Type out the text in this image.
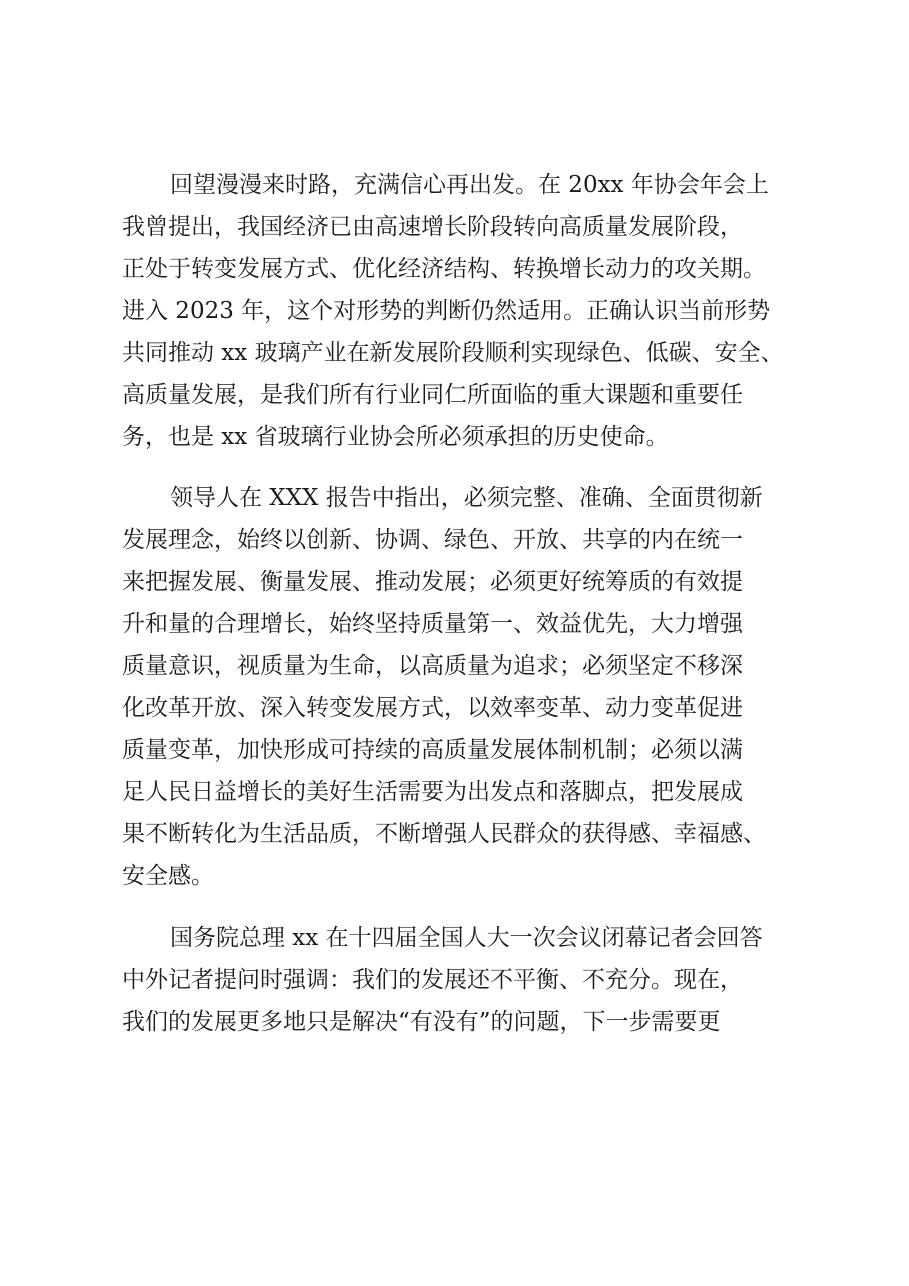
回望漫漫来时路，充满信心再出发。在 20xx 年协会年会上
我曾提出，我国经济已由高速增长阶段转向高质量发展阶段，
正处于转变发展方式、优化经济结构、转换增长动力的攻关期。
进入 2023 年，这个对形势的判断仍然适用。正确认识当前形势
共同推动 xx 玻璃产业在新发展阶段顺利实现绿色、低碳、安全、
高质量发展，是我们所有行业同仁所面临的重大课题和重要任
务，也是 xx 省玻璃行业协会所必须承担的历史使命。
领导人在 XXX 报告中指出，必须完整、准确、全面贯彻新
发展理念，始终以创新、协调、绿色、开放、共享的内在统一
来把握发展、衡量发展、推动发展；必须更好统筹质的有效提
升和量的合理增长，始终坚持质量第一、效益优先，大力增强
质量意识，视质量为生命，以高质量为追求；必须坚定不移深
化改革开放、深入转变发展方式，以效率变革、动力变革促进
质量变革，加快形成可持续的高质量发展体制机制；必须以满
足人民日益增长的美好生活需要为出发点和落脚点，把发展成
果不断转化为生活品质，不断增强人民群众的获得感、幸福感、
安全感。
国务院总理 xx 在十四届全国人大一次会议闭幕记者会回答
中外记者提问时强调：我们的发展还不平衡、不充分。现在，
我们的发展更多地只是解决“有没有”的问题，下一步需要更
